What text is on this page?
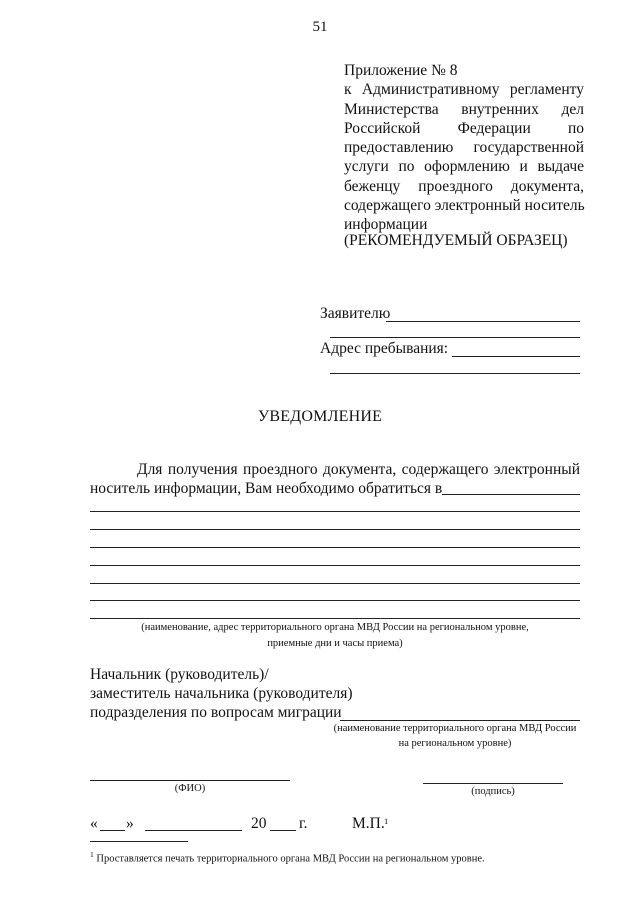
51
Приложение № 8
к Административному регламенту
Министерства внутренних дел
Российской Федерации по
предоставлению государственной
услуги по оформлению и выдаче
беженцу проездного документа,
содержащего электронный носитель
информации
(РЕКОМЕНДУЕМЫЙ ОБРАЗЕЦ)
Заявителю
Адрес пребывания:
УВЕДОМЛЕНИЕ
Для получения проездного документа, содержащего электронный
носитель информации, Вам необходимо обратиться в
(наименование, адрес территориального органа МВД России на региональном уровне,
приемные дни и часы приема)
Начальник (руководитель)/
заместитель начальника (руководителя)
подразделения по вопросам миграции
(наименование территориального органа МВД России
на региональном уровне)
(ФИО)	(подпись)
« »	20 г.	М.П. 1
$^1$ Проставляется печать территориального органа МВД России на региональном уровне.
